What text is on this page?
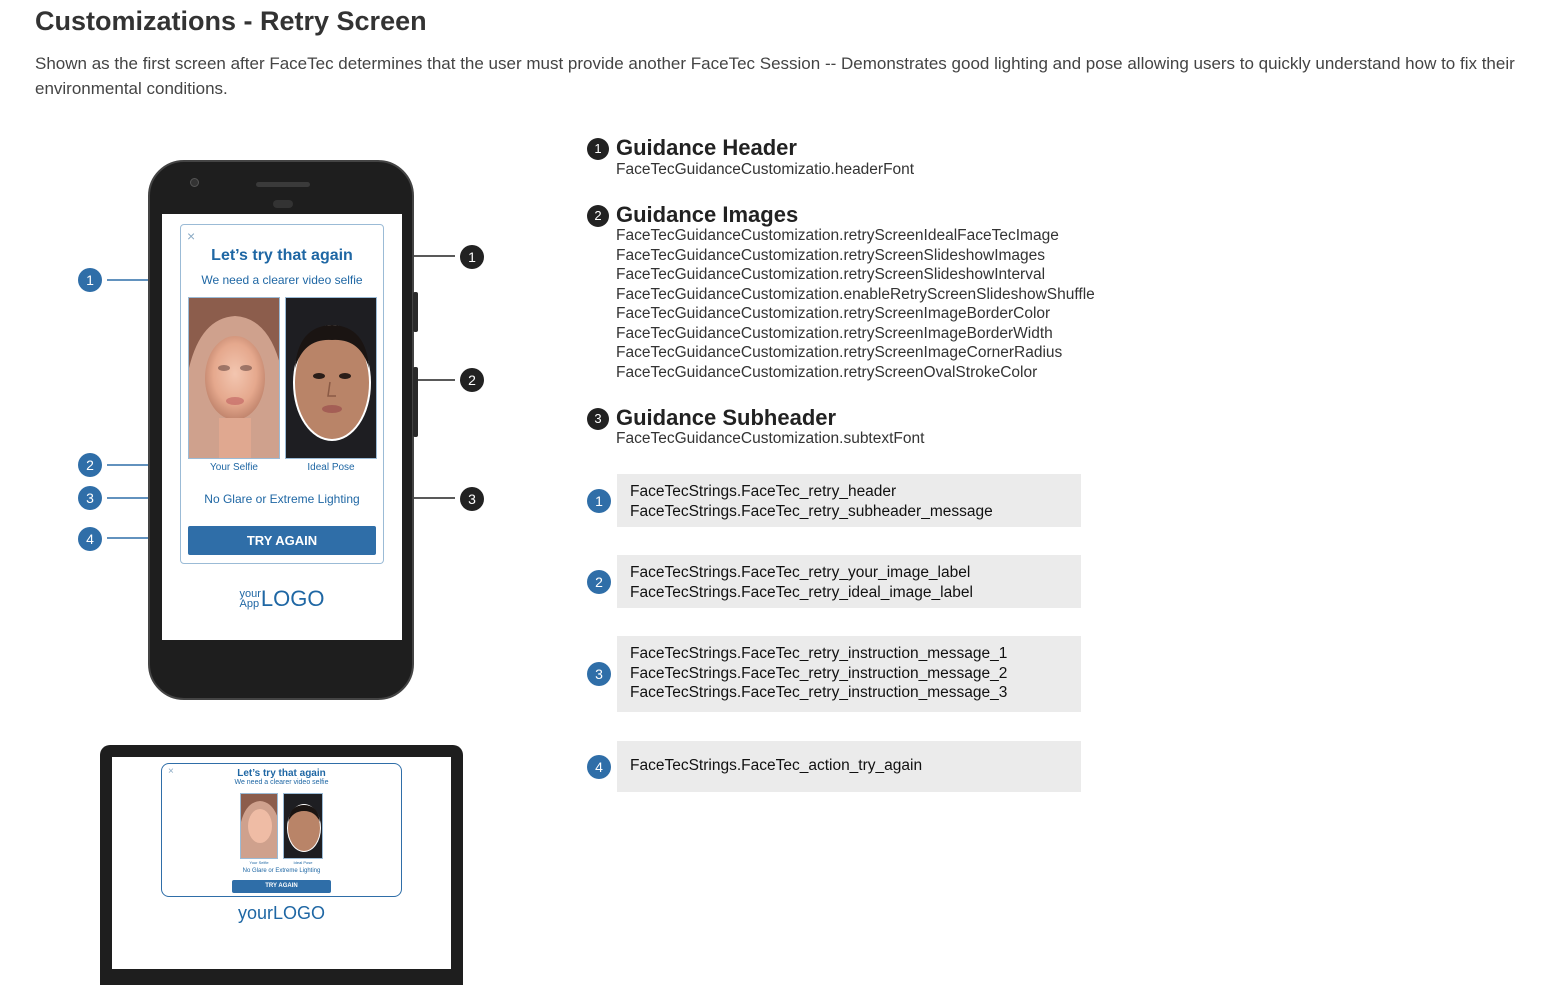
Customizations - Retry Screen
Shown as the first screen after FaceTec determines that the user must provide another FaceTec Session -- Demonstrates good lighting and pose allowing users to quickly understand how to fix their environmental conditions.
1
2
3
4
1
2
3
×
Let’s try that again
We need a clearer video selfie
Your Selfie	Ideal Pose
No Glare or Extreme Lighting
TRY AGAIN
your
AppLOGO
×	Let’s try that again
We need a clearer video selfie
Your Selfie	Ideal Pose
No Glare or Extreme Lighting
TRY AGAIN
yourLOGO
1 Guidance Header
FaceTecGuidanceCustomizatio.headerFont
2 Guidance Images
FaceTecGuidanceCustomization.retryScreenIdealFaceTecImage
FaceTecGuidanceCustomization.retryScreenSlideshowImages
FaceTecGuidanceCustomization.retryScreenSlideshowInterval
FaceTecGuidanceCustomization.enableRetryScreenSlideshowShuffle
FaceTecGuidanceCustomization.retryScreenImageBorderColor
FaceTecGuidanceCustomization.retryScreenImageBorderWidth
FaceTecGuidanceCustomization.retryScreenImageCornerRadius
FaceTecGuidanceCustomization.retryScreenOvalStrokeColor
3 Guidance Subheader
FaceTecGuidanceCustomization.subtextFont
1
FaceTecStrings.FaceTec_retry_header
FaceTecStrings.FaceTec_retry_subheader_message
2
FaceTecStrings.FaceTec_retry_your_image_label
FaceTecStrings.FaceTec_retry_ideal_image_label
3
FaceTecStrings.FaceTec_retry_instruction_message_1
FaceTecStrings.FaceTec_retry_instruction_message_2
FaceTecStrings.FaceTec_retry_instruction_message_3
4	FaceTecStrings.FaceTec_action_try_again
